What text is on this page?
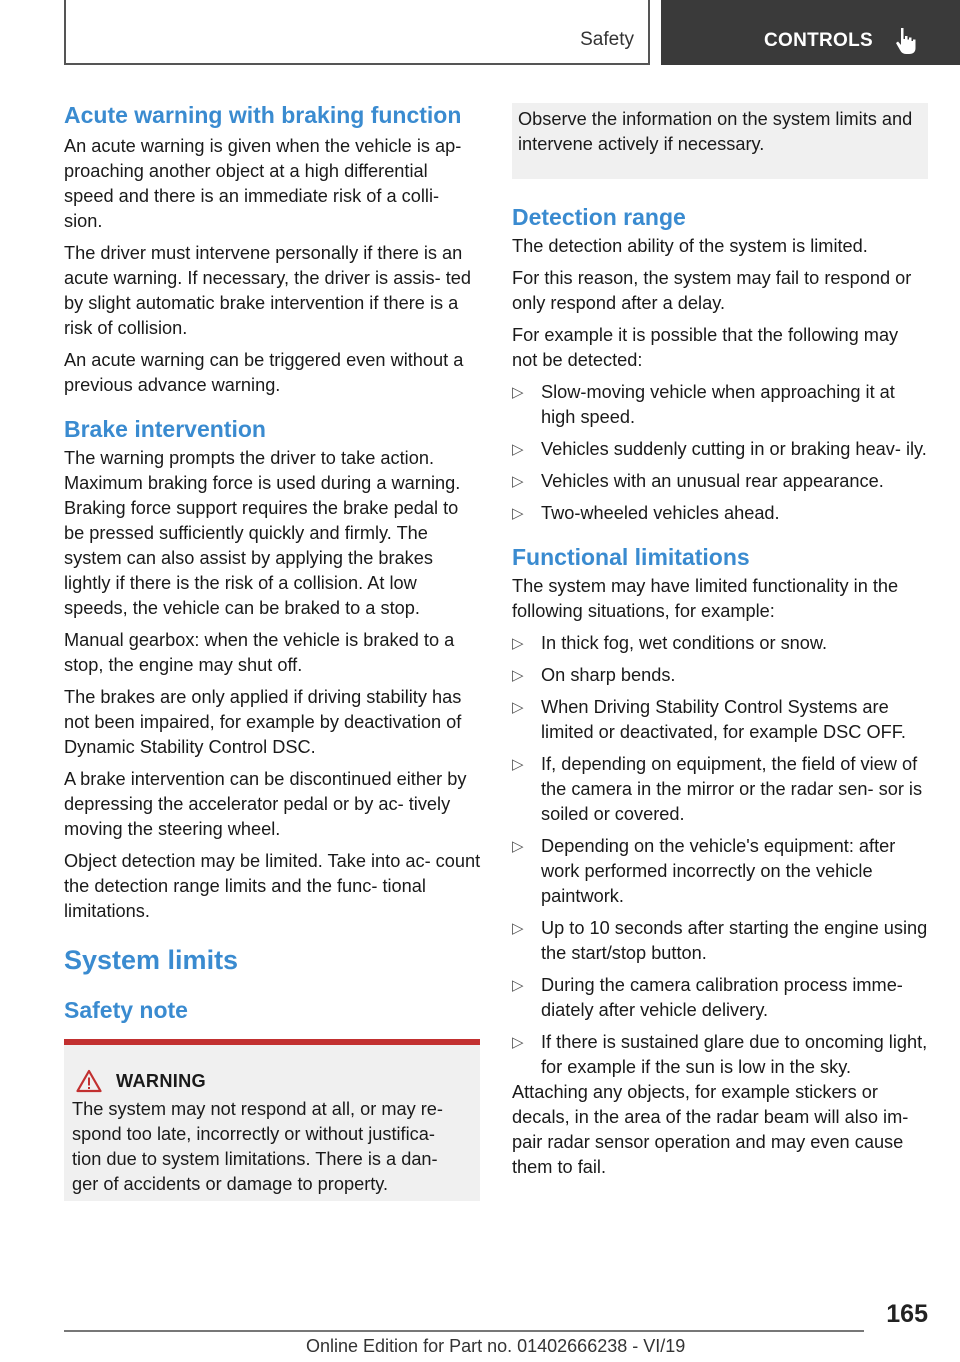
Safety	CONTROLS
Acute warning with braking function

An acute warning is given when the vehicle is ap‐ proaching another object at a high differential speed and there is an immediate risk of a colli‐ sion.

The driver must intervene personally if there is an acute warning. If necessary, the driver is assis‐ ted by slight automatic brake intervention if there is a risk of collision.

An acute warning can be triggered even without a previous advance warning.

Brake intervention

The warning prompts the driver to take action. Maximum braking force is used during a warning. Braking force support requires the brake pedal to be pressed sufficiently quickly and firmly. The system can also assist by applying the brakes lightly if there is the risk of a collision. At low speeds, the vehicle can be braked to a stop.

Manual gearbox: when the vehicle is braked to a stop, the engine may shut off.

The brakes are only applied if driving stability has not been impaired, for example by deactivation of Dynamic Stability Control DSC.

A brake intervention can be discontinued either by depressing the accelerator pedal or by ac‐ tively moving the steering wheel.

Object detection may be limited. Take into ac‐ count the detection range limits and the func‐ tional limitations.

System limits
Safety note
WARNING

The system may not respond at all, or may re‐ spond too late, incorrectly or without justifica‐ tion due to system limitations. There is a dan‐ ger of accidents or damage to property.

Observe the information on the system limits and intervene actively if necessary.

Detection range

The detection ability of the system is limited.

For this reason, the system may fail to respond or only respond after a delay.

For example it is possible that the following may not be detected:

▷ Slow-moving vehicle when approaching it at high speed.
▷ Vehicles suddenly cutting in or braking heav‐ ily.
▷ Vehicles with an unusual rear appearance.
▷ Two-wheeled vehicles ahead.
Functional limitations

The system may have limited functionality in the following situations, for example:

▷ In thick fog, wet conditions or snow.
▷ On sharp bends.
▷ When Driving Stability Control Systems are limited or deactivated, for example DSC OFF.
▷ If, depending on equipment, the field of view of the camera in the mirror or the radar sen‐ sor is soiled or covered.
▷ Depending on the vehicle's equipment: after work performed incorrectly on the vehicle paintwork.
▷ Up to 10 seconds after starting the engine using the start/stop button.
▷ During the camera calibration process imme‐ diately after vehicle delivery.
▷ If there is sustained glare due to oncoming light, for example if the sun is low in the sky.

Attaching any objects, for example stickers or decals, in the area of the radar beam will also im‐ pair radar sensor operation and may even cause them to fail.

165
Online Edition for Part no. 01402666238 - VI/19
